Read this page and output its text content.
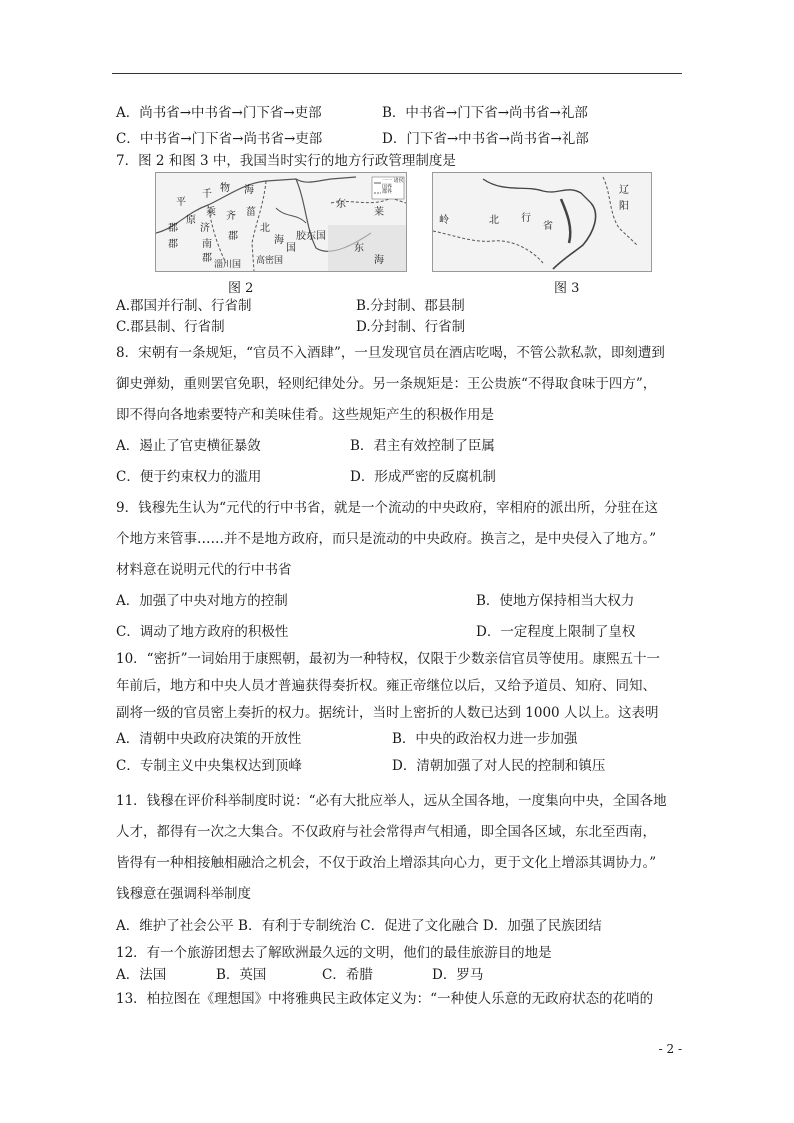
A．尚书省→中书省→门下省→吏部	B．中书省→门下省→尚书省→礼部
C．中书省→门下省→尚书省→吏部	D．门下省→中书省→尚书省→礼部
7．图 2 和图 3 中，我国当时实行的地方行政管理制度是
物 海
千
平
乘
济
齐
郡
北
海
东
郡
南
郡
国
原
郡
菑
胶东国
东
海
淄川国 高密国
莱
一一 诸侯国界
郡界
岭	北 行
省
辽
阳
图 2	图 3
A.郡国并行制、行省制	B.分封制、郡县制
C.郡县制、行省制	D.分封制、行省制
8．宋朝有一条规矩，“官员不入酒肆”，一旦发现官员在酒店吃喝，不管公款私款，即刻遭到
御史弹劾，重则罢官免职，轻则纪律处分。另一条规矩是：王公贵族“不得取食味于四方”，
即不得向各地索要特产和美味佳肴。这些规矩产生的积极作用是
A．遏止了官吏横征暴敛	B．君主有效控制了臣属
C．便于约束权力的滥用	D．形成严密的反腐机制
9．钱穆先生认为“元代的行中书省，就是一个流动的中央政府，宰相府的派出所，分驻在这
个地方来管事……并不是地方政府，而只是流动的中央政府。换言之，是中央侵入了地方。”
材料意在说明元代的行中书省
A．加强了中央对地方的控制	B．使地方保持相当大权力
C．调动了地方政府的积极性	D．一定程度上限制了皇权
10．“密折”一词始用于康熙朝，最初为一种特权，仅限于少数亲信官员等使用。康熙五十一
年前后，地方和中央人员才普遍获得奏折权。雍正帝继位以后，又给予道员、知府、同知、
副将一级的官员密上奏折的权力。据统计，当时上密折的人数已达到 1000 人以上。这表明
A．清朝中央政府决策的开放性	B．中央的政治权力进一步加强
C．专制主义中央集权达到顶峰	D．清朝加强了对人民的控制和镇压
11．钱穆在评价科举制度时说：“必有大批应举人，远从全国各地，一度集向中央，全国各地
人才，都得有一次之大集合。不仅政府与社会常得声气相通，即全国各区域，东北至西南，
皆得有一种相接触相融洽之机会，不仅于政治上增添其向心力，更于文化上增添其调协力。”
钱穆意在强调科举制度
A．维护了社会公平 B．有利于专制统治 C．促进了文化融合 D．加强了民族团结
12．有一个旅游团想去了解欧洲最久远的文明，他们的最佳旅游目的地是
A．法国	B．英国	C．希腊	D．罗马
13．柏拉图在《理想国》中将雅典民主政体定义为：“一种使人乐意的无政府状态的花哨的
- 2 -
